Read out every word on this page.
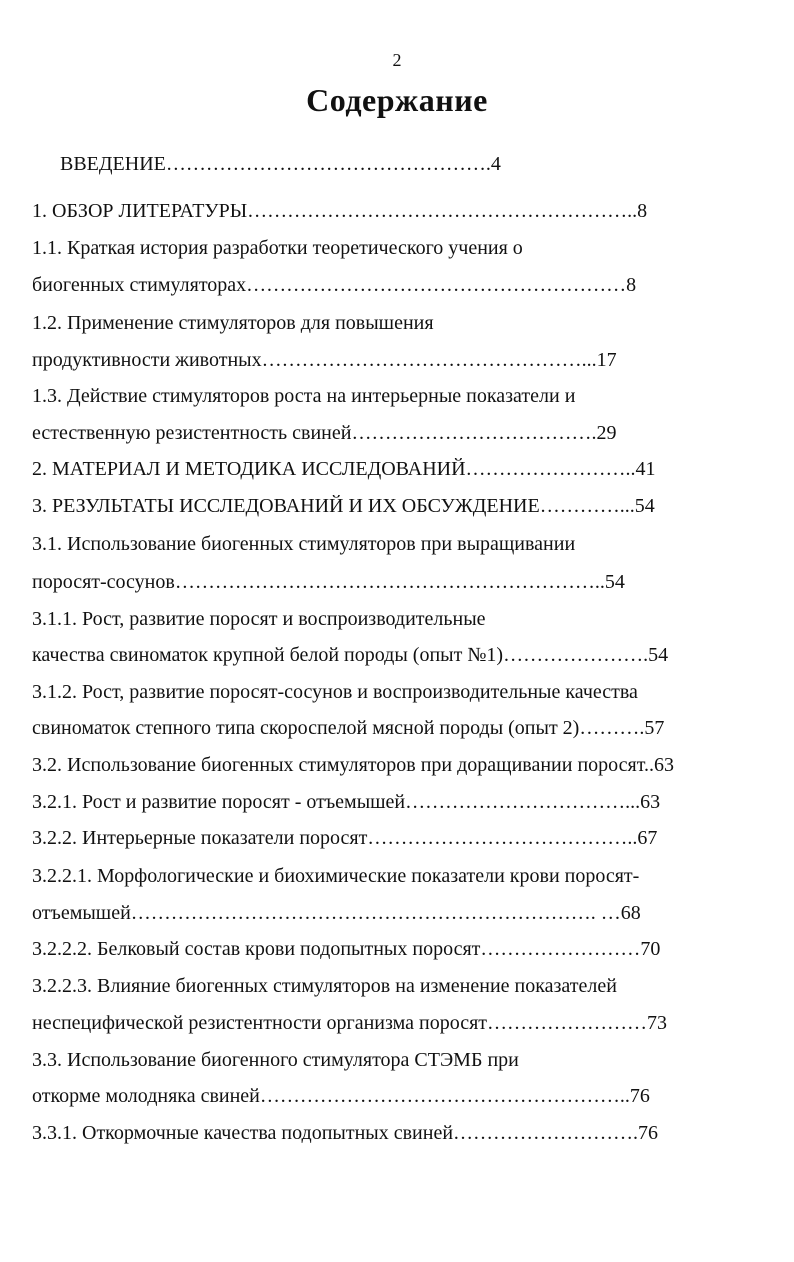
2
Содержание
ВВЕДЕНИЕ………………………………………….4
1. ОБЗОР ЛИТЕРАТУРЫ…………………………………………………..8
1.1. Краткая история разработки теоретического учения о
биогенных стимуляторах…………………………………………………8
1.2. Применение стимуляторов для повышения
продуктивности животных…………………………………………...17
1.3. Действие стимуляторов роста на интерьерные показатели и
естественную резистентность свиней……………………………….29
2. МАТЕРИАЛ И МЕТОДИКА ИССЛЕДОВАНИЙ……………………..41
3. РЕЗУЛЬТАТЫ ИССЛЕДОВАНИЙ И ИХ ОБСУЖДЕНИЕ…………...54
3.1. Использование биогенных стимуляторов при выращивании
поросят-сосунов………………………………………………………..54
3.1.1. Рост, развитие поросят и воспроизводительные
качества свиноматок крупной белой породы (опыт №1)………………….54
3.1.2. Рост, развитие поросят-сосунов и воспроизводительные качества
свиноматок степного типа скороспелой мясной породы (опыт 2)……….57
3.2. Использование биогенных стимуляторов при доращивании поросят..63
3.2.1. Рост и развитие поросят - отъемышей……………………………...63
3.2.2. Интерьерные показатели поросят…………………………………..67
3.2.2.1. Морфологические и биохимические показатели крови поросят-
отъемышей……………………………………………………………. …68
3.2.2.2. Белковый состав крови подопытных поросят……………………70
3.2.2.3. Влияние биогенных стимуляторов на изменение показателей
неспецифической резистентности организма поросят……………………73
3.3. Использование биогенного стимулятора СТЭМБ при
откорме молодняка свиней………………………………………………..76
3.3.1. Откормочные качества подопытных свиней……………………….76
